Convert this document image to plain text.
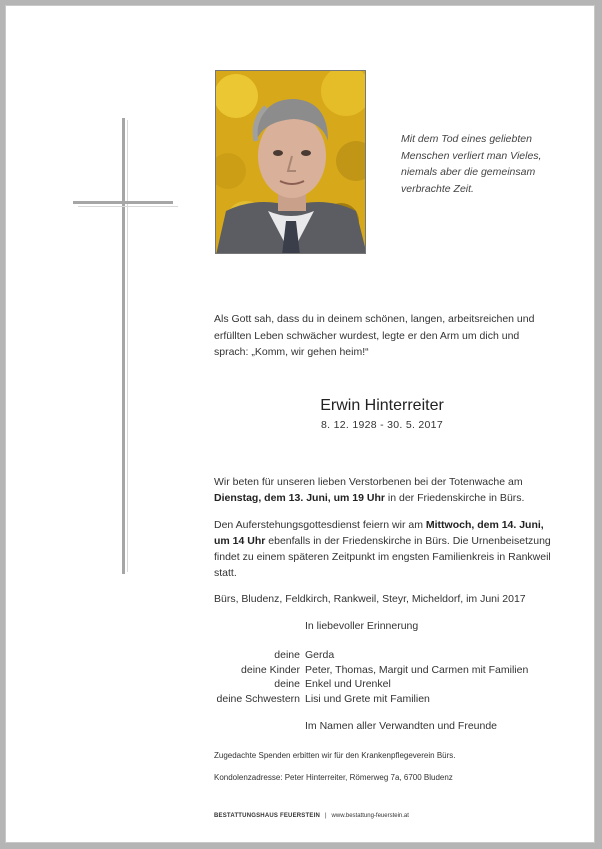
Mit dem Tod eines geliebten
Menschen verliert man Vieles,
niemals aber die gemeinsam
verbrachte Zeit.
Als Gott sah, dass du in deinem schönen, langen, arbeitsreichen und
erfüllten Leben schwächer wurdest, legte er den Arm um dich und
sprach: „Komm, wir gehen heim!“
Erwin Hinterreiter
8. 12. 1928 - 30. 5. 2017
Wir beten für unseren lieben Verstorbenen bei der Totenwache am
Dienstag, dem 13. Juni, um 19 Uhr in der Friedenskirche in Bürs.
Den Auferstehungsgottesdienst feiern wir am Mittwoch, dem 14. Juni,
um 14 Uhr ebenfalls in der Friedenskirche in Bürs. Die Urnenbeisetzung
findet zu einem späteren Zeitpunkt im engsten Familienkreis in Rankweil
statt.
Bürs, Bludenz, Feldkirch, Rankweil, Steyr, Micheldorf, im Juni 2017
In liebevoller Erinnerung
deine Gerda
deine Kinder Peter, Thomas, Margit und Carmen mit Familien
deine Enkel und Urenkel
deine Schwestern Lisi und Grete mit Familien
Im Namen aller Verwandten und Freunde
Zugedachte Spenden erbitten wir für den Krankenpflegeverein Bürs.
Kondolenzadresse: Peter Hinterreiter, Römerweg 7a, 6700 Bludenz
BESTATTUNGSHAUS FEUERSTEIN | www.bestattung-feuerstein.at
